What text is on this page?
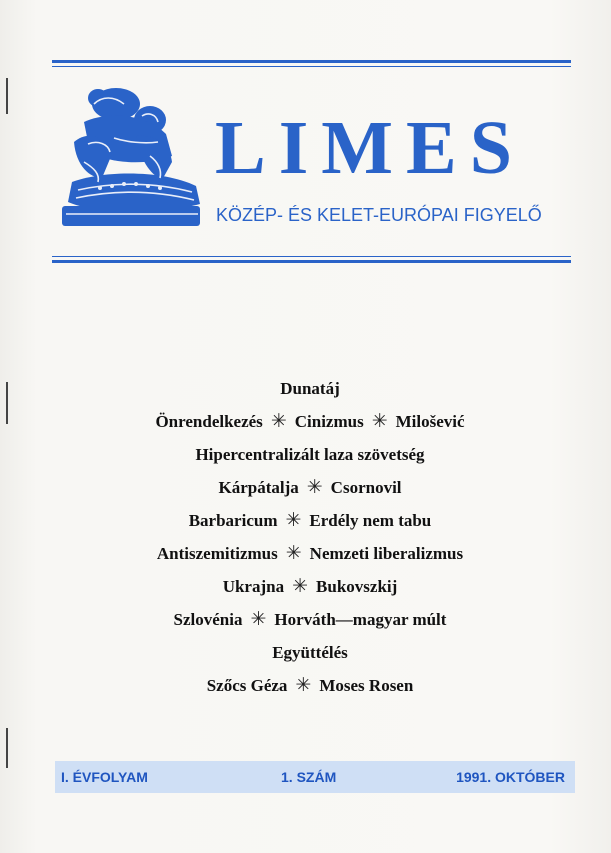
LIMES
KÖZÉP- ÉS KELET-EURÓPAI FIGYELŐ
Dunatáj
Önrendelkezés ✳ Cinizmus ✳ Milošević
Hipercentralizált laza szövetség
Kárpátalja ✳ Csornovil
Barbaricum ✳ Erdély nem tabu
Antiszemitizmus ✳ Nemzeti liberalizmus
Ukrajna ✳ Bukovszkij
Szlovénia ✳ Horváth—magyar múlt
Együttélés
Szőcs Géza ✳ Moses Rosen
I. ÉVFOLYAM	1. SZÁM	1991. OKTÓBER
